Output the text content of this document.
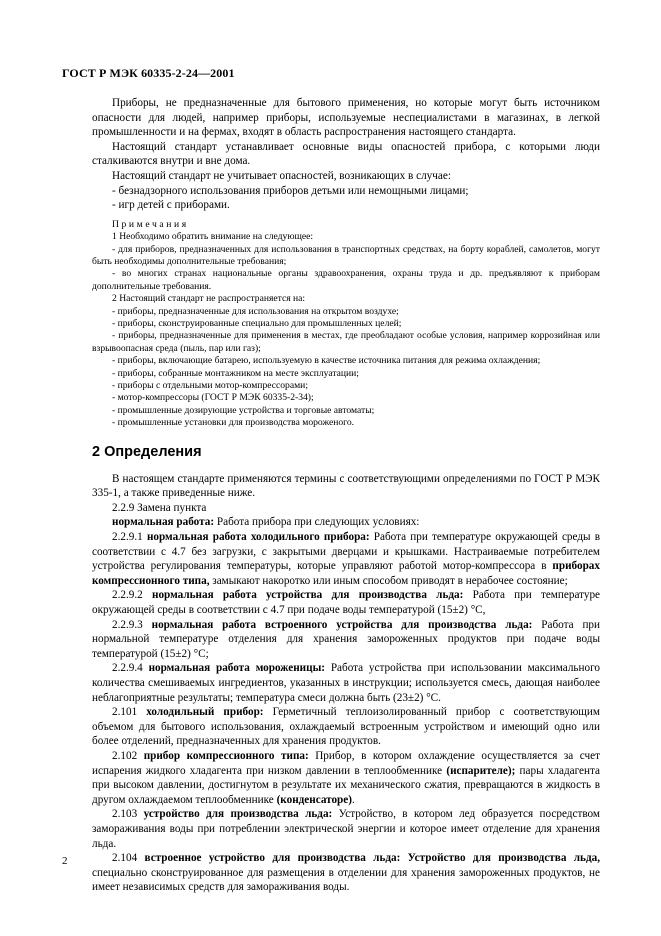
ГОСТ Р МЭК 60335-2-24—2001

Приборы, не предназначенные для бытового применения, но которые могут быть источником опасности для людей, например приборы, используемые неспециалистами в магазинах, в легкой промышленности и на фермах, входят в область распространения настоящего стандарта.

Настоящий стандарт устанавливает основные виды опасностей прибора, с которыми люди сталкиваются внутри и вне дома.

Настоящий стандарт не учитывает опасностей, возникающих в случае:

- безнадзорного использования приборов детьми или немощными лицами;

- игр детей с приборами.

Примечания

1 Необходимо обратить внимание на следующее:

- для приборов, предназначенных для использования в транспортных средствах, на борту кораблей, самолетов, могут быть необходимы дополнительные требования;

- во многих странах национальные органы здравоохранения, охраны труда и др. предъявляют к приборам дополнительные требования.

2 Настоящий стандарт не распространяется на:

- приборы, предназначенные для использования на открытом воздухе;

- приборы, сконструированные специально для промышленных целей;

- приборы, предназначенные для применения в местах, где преобладают особые условия, например коррозийная или взрывоопасная среда (пыль, пар или газ);

- приборы, включающие батарею, используемую в качестве источника питания для режима охлаждения;

- приборы, собранные монтажником на месте эксплуатации;

- приборы с отдельными мотор-компрессорами;

- мотор-компрессоры (ГОСТ Р МЭК 60335-2-34);

- промышленные дозирующие устройства и торговые автоматы;

- промышленные установки для производства мороженого.

2 Определения

В настоящем стандарте применяются термины с соответствующими определениями по ГОСТ Р МЭК 335-1, а также приведенные ниже.

2.2.9 Замена пункта

нормальная работа: Работа прибора при следующих условиях:

2.2.9.1 нормальная работа холодильного прибора: Работа при температуре окружающей среды в соответствии с 4.7 без загрузки, с закрытыми дверцами и крышками. Настраиваемые потребителем устройства регулирования температуры, которые управляют работой мотор-компрессора в приборах компрессионного типа, замыкают накоротко или иным способом приводят в нерабочее состояние;

2.2.9.2 нормальная работа устройства для производства льда: Работа при температуре окружающей среды в соответствии с 4.7 при подаче воды температурой (15±2) °С,

2.2.9.3 нормальная работа встроенного устройства для производства льда: Работа при нормальной температуре отделения для хранения замороженных продуктов при подаче воды температурой (15±2) °С;

2.2.9.4 нормальная работа мороженицы: Работа устройства при использовании максимального количества смешиваемых ингредиентов, указанных в инструкции; используется смесь, дающая наиболее неблагоприятные результаты; температура смеси должна быть (23±2) °С.

2.101 холодильный прибор: Герметичный теплоизолированный прибор с соответствующим объемом для бытового использования, охлаждаемый встроенным устройством и имеющий одно или более отделений, предназначенных для хранения продуктов.

2.102 прибор компрессионного типа: Прибор, в котором охлаждение осуществляется за счет испарения жидкого хладагента при низком давлении в теплообменнике (испарителе); пары хладагента при высоком давлении, достигнутом в результате их механического сжатия, превращаются в жидкость в другом охлаждаемом теплообменнике (конденсаторе).

2.103 устройство для производства льда: Устройство, в котором лед образуется посредством замораживания воды при потреблении электрической энергии и которое имеет отделение для хранения льда.

2.104 встроенное устройство для производства льда: Устройство для производства льда, специально сконструированное для размещения в отделении для хранения замороженных продуктов, не имеет независимых средств для замораживания воды.

2
